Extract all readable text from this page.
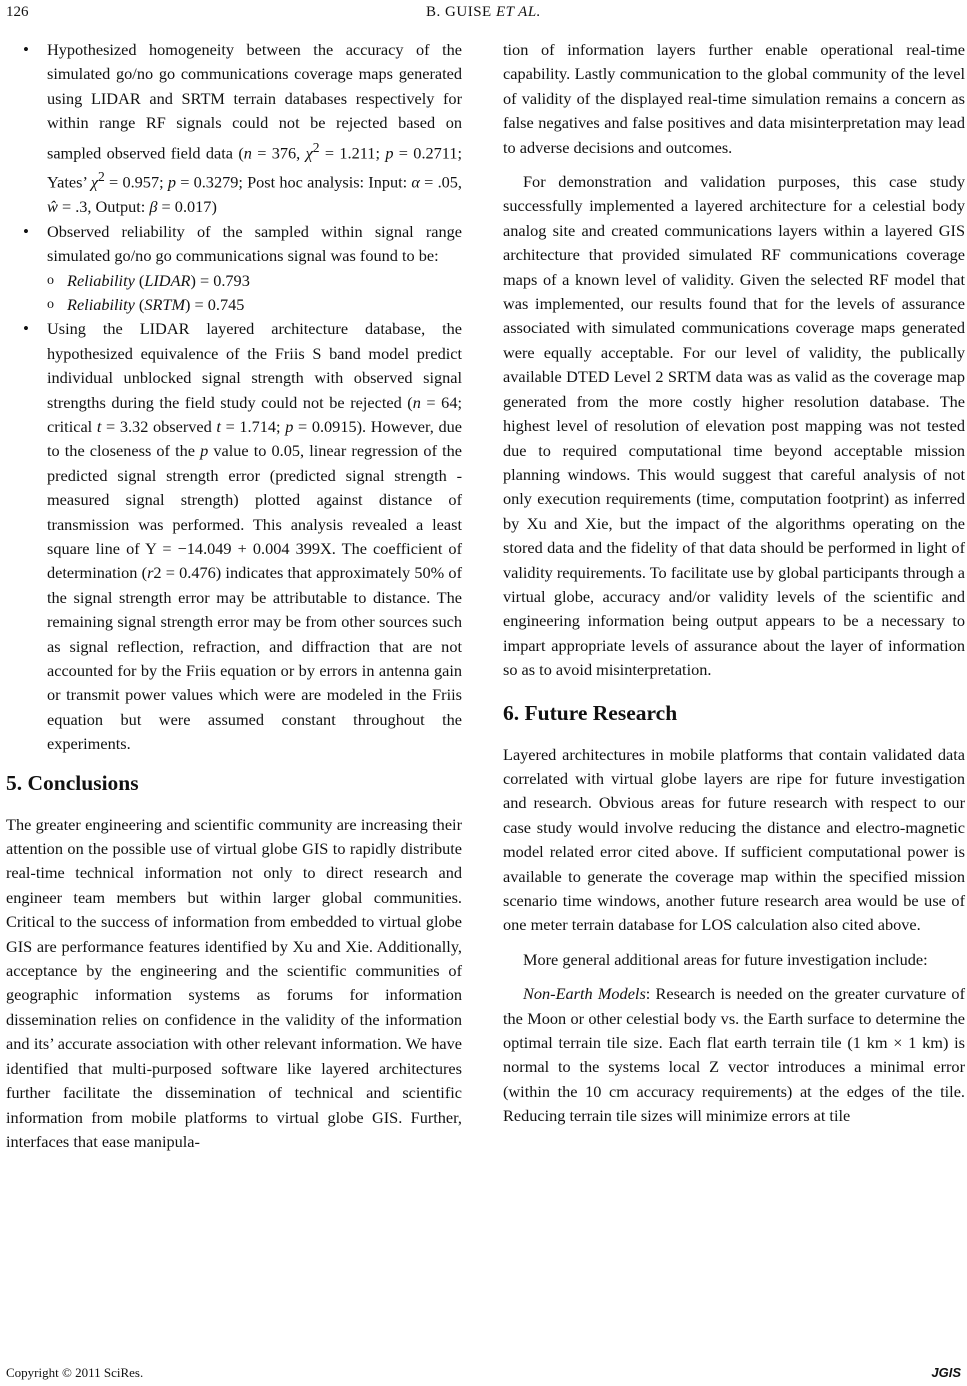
126	B. GUISE ET AL.
• Hypothesized homogeneity between the accuracy of the simulated go/no go communications coverage maps generated using LIDAR and SRTM terrain databases respectively for within range RF signals could not be rejected based on sampled observed field data (n = 376, $\chi^2 = 1.211$; p = 0.2711; Yates’ $\chi^2 = 0.957$; p = 0.3279; Post hoc analysis: Input: α = .05, ŵ = .3, Output: β = 0.017)
• Observed reliability of the sampled within signal range simulated go/no go communications signal was found to be:
o Reliability (LIDAR) = 0.793
o Reliability (SRTM) = 0.745
• Using the LIDAR layered architecture database, the hypothesized equivalence of the Friis S band model predict individual unblocked signal strength with observed signal strengths during the field study could not be rejected (n = 64; critical t = 3.32 observed t = 1.714; p = 0.0915). However, due to the closeness of the p value to 0.05, linear regression of the predicted signal strength error (predicted signal strength - measured signal strength) plotted against distance of transmission was performed. This analysis revealed a least square line of Y = −14.049 + 0.004 399X. The coefficient of determination (r2 = 0.476) indicates that approximately 50% of the signal strength error may be attributable to distance. The remaining signal strength error may be from other sources such as signal reflection, refraction, and diffraction that are not accounted for by the Friis equation or by errors in antenna gain or transmit power values which were are modeled in the Friis equation but were assumed constant throughout the experiments.
5. Conclusions

The greater engineering and scientific community are increasing their attention on the possible use of virtual globe GIS to rapidly distribute real-time technical information not only to direct research and engineer team members but within larger global communities. Critical to the success of information from embedded to virtual globe GIS are performance features identified by Xu and Xie. Additionally, acceptance by the engineering and the scientific communities of geographic information systems as forums for information dissemination relies on confidence in the validity of the information and its’ accurate association with other relevant information. We have identified that multi-purposed software like layered architectures further facilitate the dissemination of technical and scientific information from mobile platforms to virtual globe GIS. Further, interfaces that ease manipula-

tion of information layers further enable operational real-time capability. Lastly communication to the global community of the level of validity of the displayed real-time simulation remains a concern as false negatives and false positives and data misinterpretation may lead to adverse decisions and outcomes.

For demonstration and validation purposes, this case study successfully implemented a layered architecture for a celestial body analog site and created communications layers within a layered GIS architecture that provided simulated RF communications coverage maps of a known level of validity. Given the selected RF model that was implemented, our results found that for the levels of assurance associated with simulated communications coverage maps generated were equally acceptable. For our level of validity, the publically available DTED Level 2 SRTM data was as valid as the coverage map generated from the more costly higher resolution database. The highest level of resolution of elevation post mapping was not tested due to required computational time beyond acceptable mission planning windows. This would suggest that careful analysis of not only execution requirements (time, computation footprint) as inferred by Xu and Xie, but the impact of the algorithms operating on the stored data and the fidelity of that data should be performed in light of validity requirements. To facilitate use by global participants through a virtual globe, accuracy and/or validity levels of the scientific and engineering information being output appears to be a necessary to impart appropriate levels of assurance about the layer of information so as to avoid misinterpretation.

6. Future Research

Layered architectures in mobile platforms that contain validated data correlated with virtual globe layers are ripe for future investigation and research. Obvious areas for future research with respect to our case study would involve reducing the distance and electro-magnetic model related error cited above. If sufficient computational power is available to generate the coverage map within the specified mission scenario time windows, another future research area would be use of one meter terrain database for LOS calculation also cited above.

More general additional areas for future investigation include:

Non-Earth Models: Research is needed on the greater curvature of the Moon or other celestial body vs. the Earth surface to determine the optimal terrain tile size. Each flat earth terrain tile (1 km × 1 km) is normal to the systems local Z vector introduces a minimal error (within the 10 cm accuracy requirements) at the edges of the tile. Reducing terrain tile sizes will minimize errors at tile

Copyright © 2011 SciRes.	JGIS
